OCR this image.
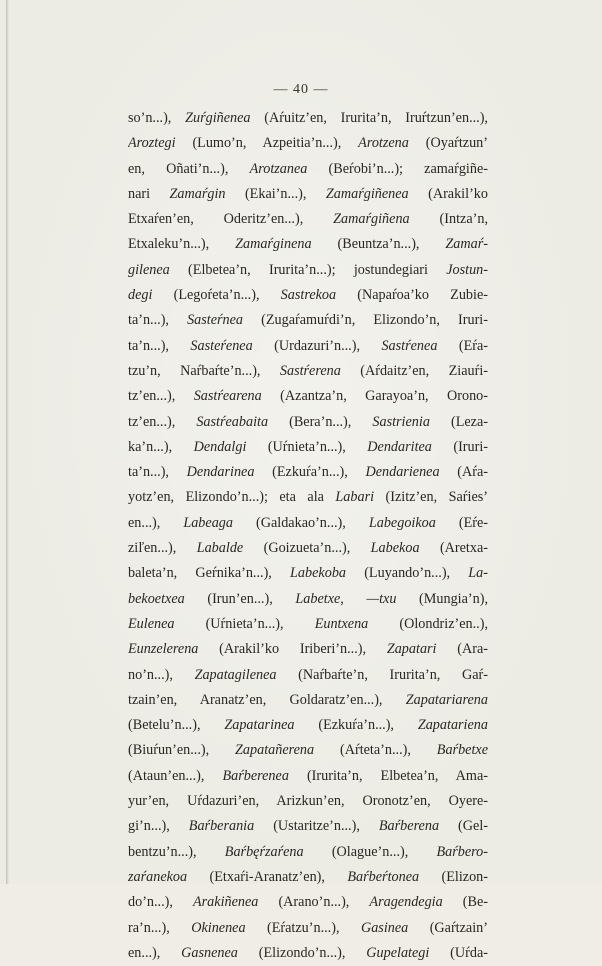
— 40 —
so’n...), Zuŕgiñenea (Aŕuitz’en, Irurita’n, Iruŕtzun’en...),
Aroztegi (Lumo’n, Azpeitia’n...), Arotzena (Oyaŕtzun’
en, Oñati’n...), Arotzanea (Beŕobi’n...); zamaŕgiñe-
nari Zamaŕgin (Ekai’n...), Zamaŕgiñenea (Arakil’ko
Etxaŕen’en, Oderitz’en...), Zamaŕgiñena (Intza’n,
Etxaleku’n...), Zamaŕginena (Beuntza’n...), Zamaŕ-
gilenea (Elbetea’n, Irurita’n...); jostundegiari Jostun-
degi (Legoŕeta’n...), Sastrekoa (Napaŕoa’ko Zubie-
ta’n...), Sasteŕnea (Zugaŕamuŕdi’n, Elizondo’n, Iruri-
ta’n...), Sasteŕenea (Urdazuri’n...), Sastŕenea (Eŕa-
tzu’n, Naŕbaŕte’n...), Sastŕerena (Aŕdaitz’en, Ziauŕi-
tz’en...), Sastŕearena (Azantza’n, Garayoa’n, Orono-
tz’en...), Sastŕeabaita (Bera’n...), Sastrienia (Leza-
ka’n...), Dendalgi (Uŕnieta’n...), Dendaritea (Iruri-
ta’n...), Dendarinea (Ezkuŕa’n...), Dendarienea (Aŕa-
yotz’en, Elizondo’n...); eta ala Labari (Izitz’en, Saŕies’
en...), Labeaga (Galdakao’n...), Labegoikoa (Eŕe-
ziľen...), Labalde (Goizueta’n...), Labekoa (Aretxa-
baleta’n, Geŕnika’n...), Labekoba (Luyando’n...), La-
bekoetxea (Irun’en...), Labetxe, —txu (Mungia’n),
Eulenea (Uŕnieta’n...), Euntxena (Olondriz’en..),
Eunzelerena (Arakil’ko Iriberi’n...), Zapatari (Ara-
no’n...), Zapatagilenea (Naŕbaŕte’n, Irurita’n, Gaŕ-
tzain’en, Aranatz’en, Goldaratz’en...), Zapatariarena
(Betelu’n...), Zapatarinea (Ezkuŕa’n...), Zapatariena
(Biuŕun’en...), Zapatañerena (Aŕteta’n...), Baŕbetxe
(Ataun’en...), Baŕberenea (Irurita’n, Elbetea’n, Ama-
yur’en, Uŕdazuri’en, Arizkun’en, Oronotz’en, Oyere-
gi’n...), Baŕberania (Ustaritze’n...), Baŕberena (Gel-
bentzu’n...), Baŕbęŕzaŕena (Olague’n...), Baŕbero-
zaŕanekoa (Etxaŕi-Aranatz’en), Baŕbeŕtonea (Elizon-
do’n...), Arakiñenea (Arano’n...), Aragendegia (Be-
ra’n...), Okinenea (Eŕatzu’n...), Gasinea (Gaŕtzain’
en...), Gasnenea (Elizondo’n...), Gupelategi (Uŕda-
